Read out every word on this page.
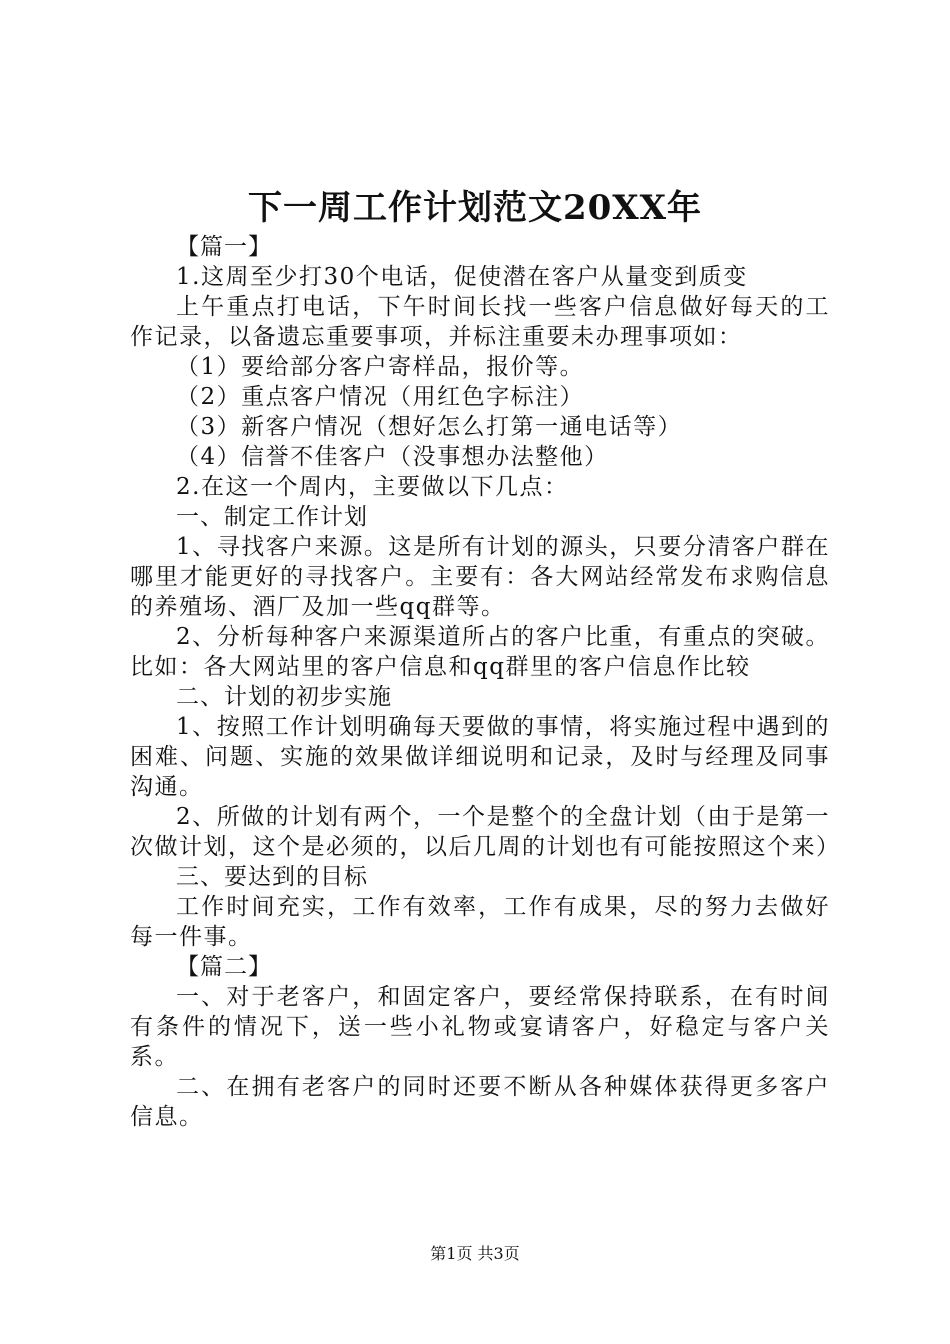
下一周工作计划范文20XX年

【篇一】

1.这周至少打30个电话，促使潜在客户从量变到质变

上午重点打电话，下午时间长找一些客户信息做好每天的工作记录，以备遗忘重要事项，并标注重要未办理事项如：

（1）要给部分客户寄样品，报价等。

（2）重点客户情况（用红色字标注）

（3）新客户情况（想好怎么打第一通电话等）

（4）信誉不佳客户（没事想办法整他）

2.在这一个周内，主要做以下几点：

一、制定工作计划

1、寻找客户来源。这是所有计划的源头，只要分清客户群在哪里才能更好的寻找客户。主要有：各大网站经常发布求购信息的养殖场、酒厂及加一些qq群等。

2、分析每种客户来源渠道所占的客户比重，有重点的突破。比如：各大网站里的客户信息和qq群里的客户信息作比较

二、计划的初步实施

1、按照工作计划明确每天要做的事情，将实施过程中遇到的困难、问题、实施的效果做详细说明和记录，及时与经理及同事沟通。

2、所做的计划有两个，一个是整个的全盘计划（由于是第一次做计划，这个是必须的，以后几周的计划也有可能按照这个来）

三、要达到的目标

工作时间充实，工作有效率，工作有成果，尽的努力去做好每一件事。

【篇二】

一、对于老客户，和固定客户，要经常保持联系，在有时间有条件的情况下，送一些小礼物或宴请客户，好稳定与客户关系。

二、在拥有老客户的同时还要不断从各种媒体获得更多客户信息。

第1页 共3页
